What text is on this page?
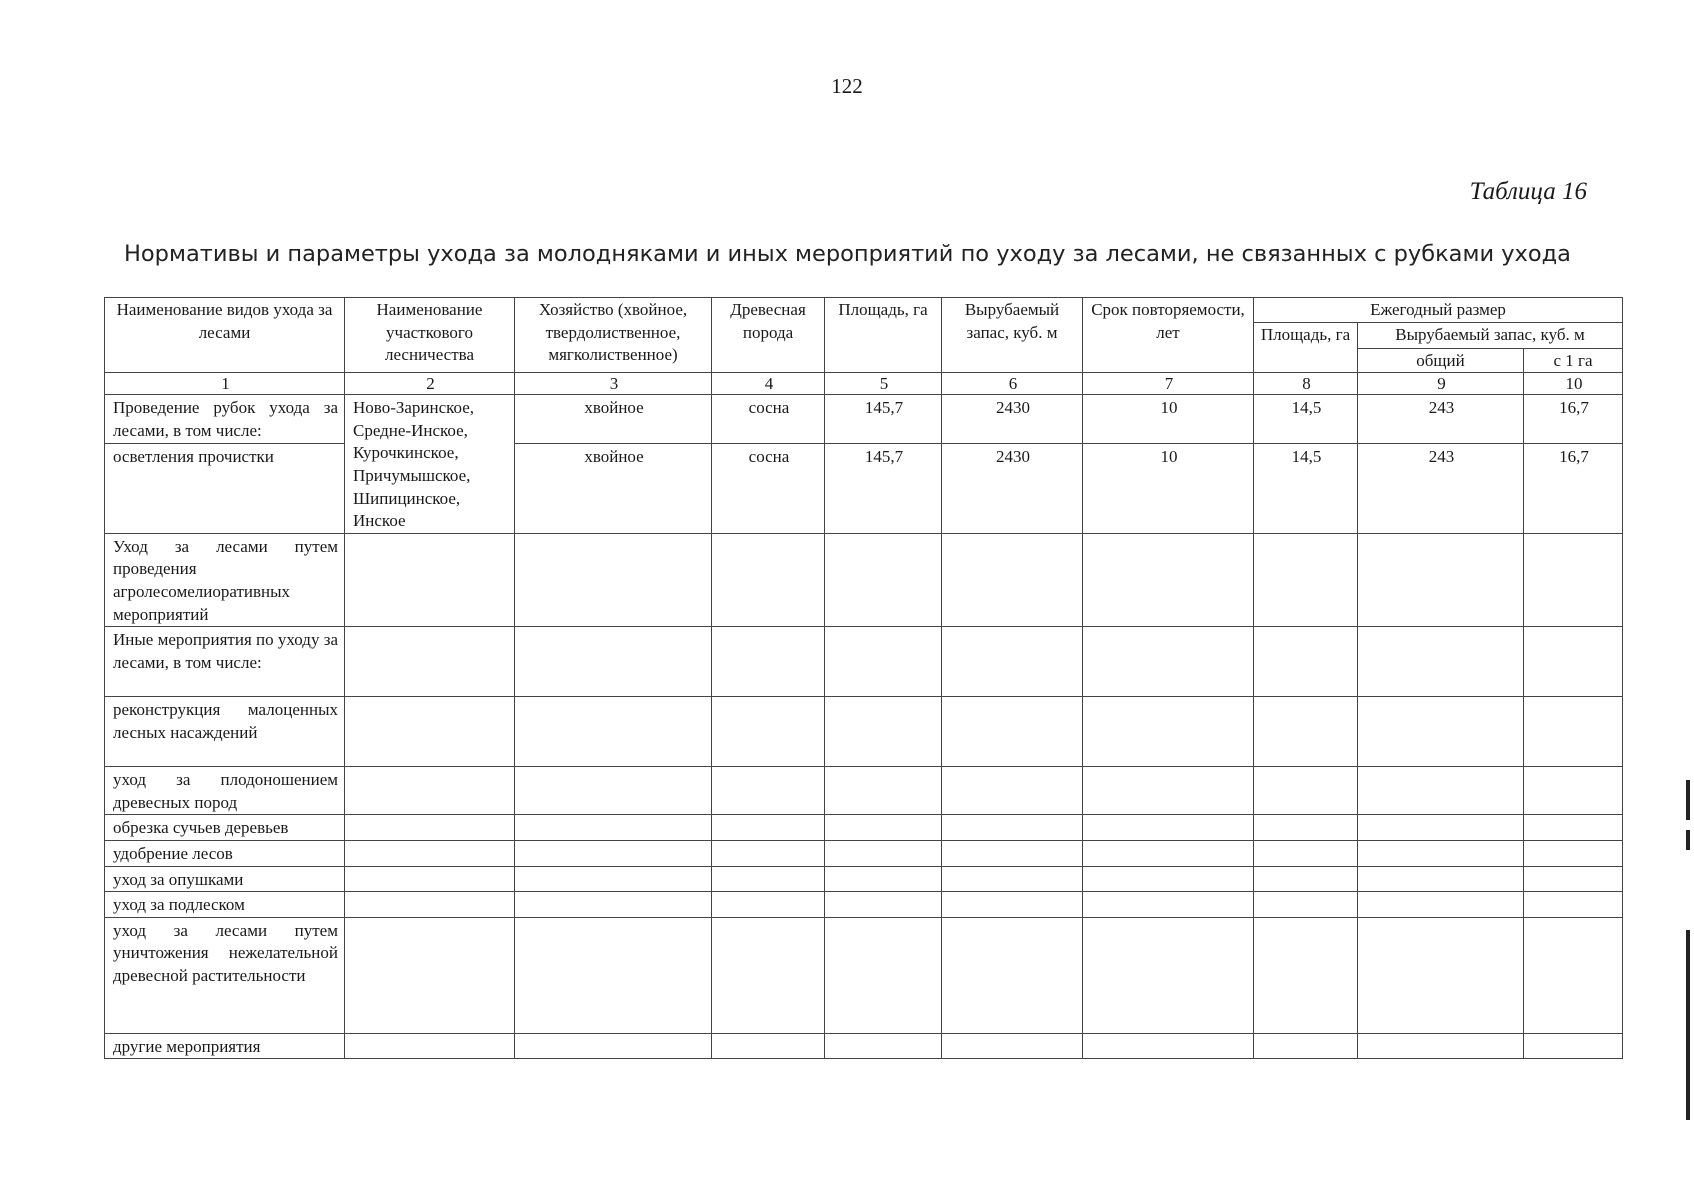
122
Таблица 16
Нормативы и параметры ухода за молодняками и иных мероприятий по уходу за лесами, не связанных с рубками ухода
Наименование видов ухода за лесами	Наименование участкового лесничества	Хозяйство (хвойное, твердолиственное, мягколиственное)	Древесная порода	Площадь, га	Вырубаемый запас, куб. м	Срок повторяемости, лет	Ежегодный размер		
							Площадь, га	Вырубаемый запас, куб. м	
								общий	с 1 га
1	2	3	4	5	6	7	8	9	10
Проведение рубок ухода за лесами, в том числе:	Ново-Заринское, Средне-Инское, Курочкинское, Причумышское, Шипицинское, Инское	хвойное	сосна	145,7	2430	10	14,5	243	16,7
осветления прочистки		хвойное	сосна	145,7	2430	10	14,5	243	16,7
Уход за лесами путем проведения агролесомелиоративных мероприятий									
Иные мероприятия по уходу за лесами, в том числе:									
реконструкция малоценных лесных насаждений									
уход за плодоношением древесных пород									
обрезка сучьев деревьев									
удобрение лесов									
уход за опушками									
уход за подлеском									
уход за лесами путем уничтожения нежелательной древесной растительности									
другие мероприятия									
